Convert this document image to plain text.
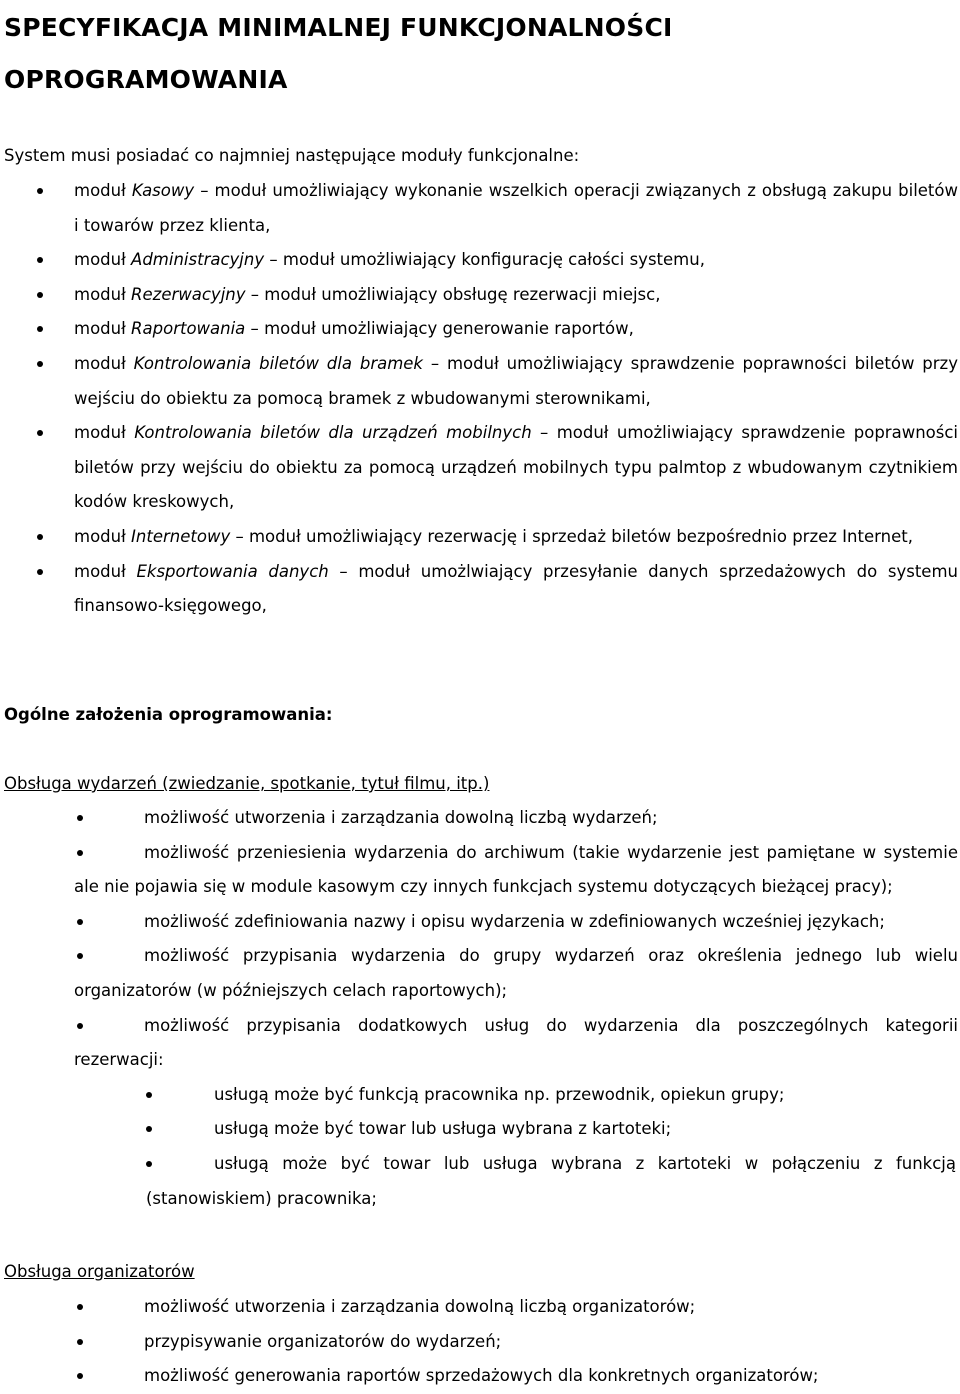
SPECYFIKACJA MINIMALNEJ FUNKCJONALNOŚCI
OPROGRAMOWANIA

System musi posiadać co najmniej następujące moduły funkcjonalne:

moduł Kasowy – moduł umożliwiający wykonanie wszelkich operacji związanych z obsługą zakupu biletów i towarów przez klienta,
moduł Administracyjny – moduł umożliwiający konfigurację całości systemu,
moduł Rezerwacyjny – moduł umożliwiający obsługę rezerwacji miejsc,
moduł Raportowania – moduł umożliwiający generowanie raportów,
moduł Kontrolowania biletów dla bramek – moduł umożliwiający sprawdzenie poprawności biletów przy wejściu do obiektu za pomocą bramek z wbudowanymi sterownikami,
moduł Kontrolowania biletów dla urządzeń mobilnych – moduł umożliwiający sprawdzenie poprawności biletów przy wejściu do obiektu za pomocą urządzeń mobilnych typu palmtop z wbudowanym czytnikiem kodów kreskowych,
moduł Internetowy – moduł umożliwiający rezerwację i sprzedaż biletów bezpośrednio przez Internet,
moduł Eksportowania danych – moduł umożlwiający przesyłanie danych sprzedażowych do systemu finansowo-księgowego,

Ogólne założenia oprogramowania:

Obsługa wydarzeń (zwiedzanie, spotkanie, tytuł filmu, itp.)

możliwość utworzenia i zarządzania dowolną liczbą wydarzeń;
możliwość przeniesienia wydarzenia do archiwum (takie wydarzenie jest pamiętane w systemie ale nie pojawia się w module kasowym czy innych funkcjach systemu dotyczących bieżącej pracy);
możliwość zdefiniowania nazwy i opisu wydarzenia w zdefiniowanych wcześniej językach;
możliwość przypisania wydarzenia do grupy wydarzeń oraz określenia jednego lub wielu organizatorów (w późniejszych celach raportowych);
możliwość przypisania dodatkowych usług do wydarzenia dla poszczególnych kategorii rezerwacji:
usługą może być funkcją pracownika np. przewodnik, opiekun grupy;
usługą może być towar lub usługa wybrana z kartoteki;
usługą może być towar lub usługa wybrana z kartoteki w połączeniu z funkcją (stanowiskiem) pracownika;

Obsługa organizatorów

możliwość utworzenia i zarządzania dowolną liczbą organizatorów;
przypisywanie organizatorów do wydarzeń;
możliwość generowania raportów sprzedażowych dla konkretnych organizatorów;
